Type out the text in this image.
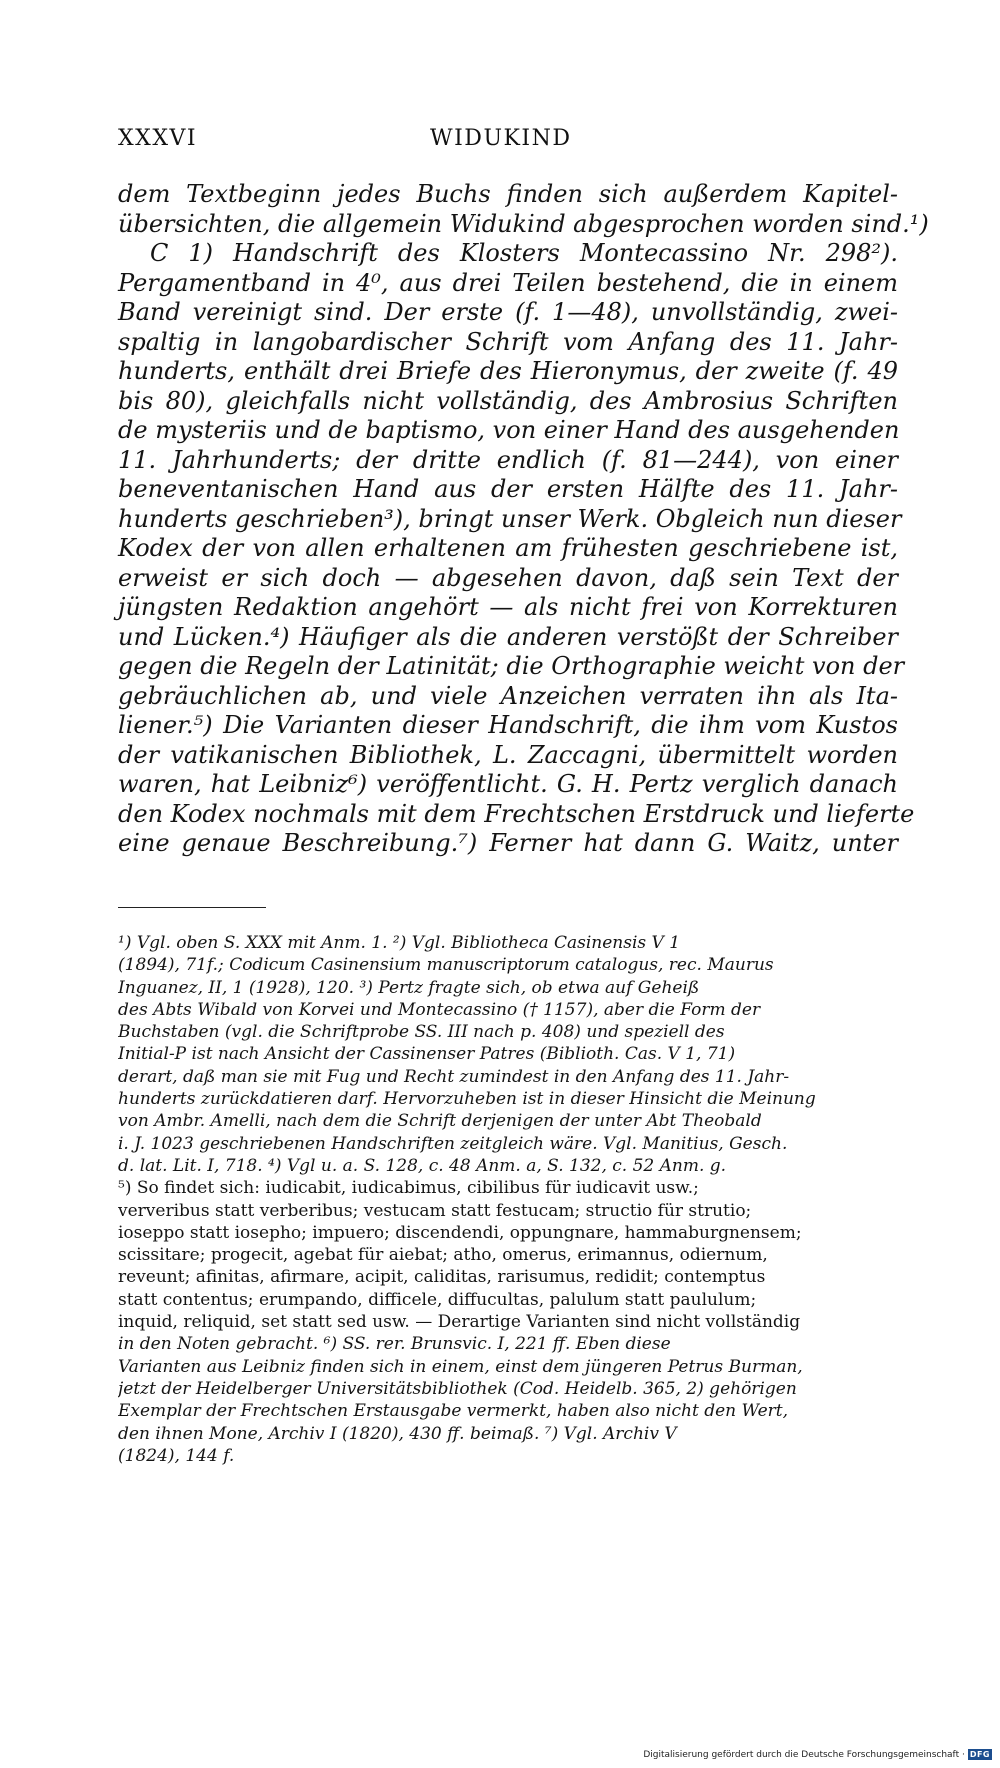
XXXVI	WIDUKIND
dem Textbeginn jedes Buchs finden sich außerdem Kapitel-
übersichten, die allgemein Widukind abgesprochen worden sind.¹)
C 1) Handschrift des Klosters Montecassino Nr. 298²).
Pergamentband in 4⁰, aus drei Teilen bestehend, die in einem
Band vereinigt sind. Der erste (f. 1—48), unvollständig, zwei-
spaltig in langobardischer Schrift vom Anfang des 11. Jahr-
hunderts, enthält drei Briefe des Hieronymus, der zweite (f. 49
bis 80), gleichfalls nicht vollständig, des Ambrosius Schriften
de mysteriis und de baptismo, von einer Hand des ausgehenden
11. Jahrhunderts; der dritte endlich (f. 81—244), von einer
beneventanischen Hand aus der ersten Hälfte des 11. Jahr-
hunderts geschrieben³), bringt unser Werk. Obgleich nun dieser
Kodex der von allen erhaltenen am frühesten geschriebene ist,
erweist er sich doch — abgesehen davon, daß sein Text der
jüngsten Redaktion angehört — als nicht frei von Korrekturen
und Lücken.⁴) Häufiger als die anderen verstößt der Schreiber
gegen die Regeln der Latinität; die Orthographie weicht von der
gebräuchlichen ab, und viele Anzeichen verraten ihn als Ita-
liener.⁵) Die Varianten dieser Handschrift, die ihm vom Kustos
der vatikanischen Bibliothek, L. Zaccagni, übermittelt worden
waren, hat Leibniz⁶) veröffentlicht. G. H. Pertz verglich danach
den Kodex nochmals mit dem Frechtschen Erstdruck und lieferte
eine genaue Beschreibung.⁷) Ferner hat dann G. Waitz, unter
¹) Vgl. oben S. XXX mit Anm. 1. ²) Vgl. Bibliotheca Casinensis V 1
(1894), 71f.; Codicum Casinensium manuscriptorum catalogus, rec. Maurus
Inguanez, II, 1 (1928), 120. ³) Pertz fragte sich, ob etwa auf Geheiß
des Abts Wibald von Korvei und Montecassino († 1157), aber die Form der
Buchstaben (vgl. die Schriftprobe SS. III nach p. 408) und speziell des
Initial-P ist nach Ansicht der Cassinenser Patres (Biblioth. Cas. V 1, 71)
derart, daß man sie mit Fug und Recht zumindest in den Anfang des 11. Jahr-
hunderts zurückdatieren darf. Hervorzuheben ist in dieser Hinsicht die Meinung
von Ambr. Amelli, nach dem die Schrift derjenigen der unter Abt Theobald
i. J. 1023 geschriebenen Handschriften zeitgleich wäre. Vgl. Manitius, Gesch.
d. lat. Lit. I, 718. ⁴) Vgl u. a. S. 128, c. 48 Anm. a, S. 132, c. 52 Anm. g.
⁵) So findet sich: iudicabit, iudicabimus, cibilibus für iudicavit usw.;
ververibus statt verberibus; vestucam statt festucam; structio für strutio;
ioseppo statt iosepho; impuero; discendendi, oppungnare, hammaburgnensem;
scissitare; progecit, agebat für aiebat; atho, omerus, erimannus, odiernum,
reveunt; afinitas, afirmare, acipit, caliditas, rarisumus, redidit; contemptus
statt contentus; erumpando, difficele, diffucultas, palulum statt paululum;
inquid, reliquid, set statt sed usw. — Derartige Varianten sind nicht vollständig
in den Noten gebracht. ⁶) SS. rer. Brunsvic. I, 221 ff. Eben diese
Varianten aus Leibniz finden sich in einem, einst dem jüngeren Petrus Burman,
jetzt der Heidelberger Universitätsbibliothek (Cod. Heidelb. 365, 2) gehörigen
Exemplar der Frechtschen Erstausgabe vermerkt, haben also nicht den Wert,
den ihnen Mone, Archiv I (1820), 430 ff. beimaß. ⁷) Vgl. Archiv V
(1824), 144 f.
Digitalisierung gefördert durch die Deutsche Forschungsgemeinschaft · DFG
